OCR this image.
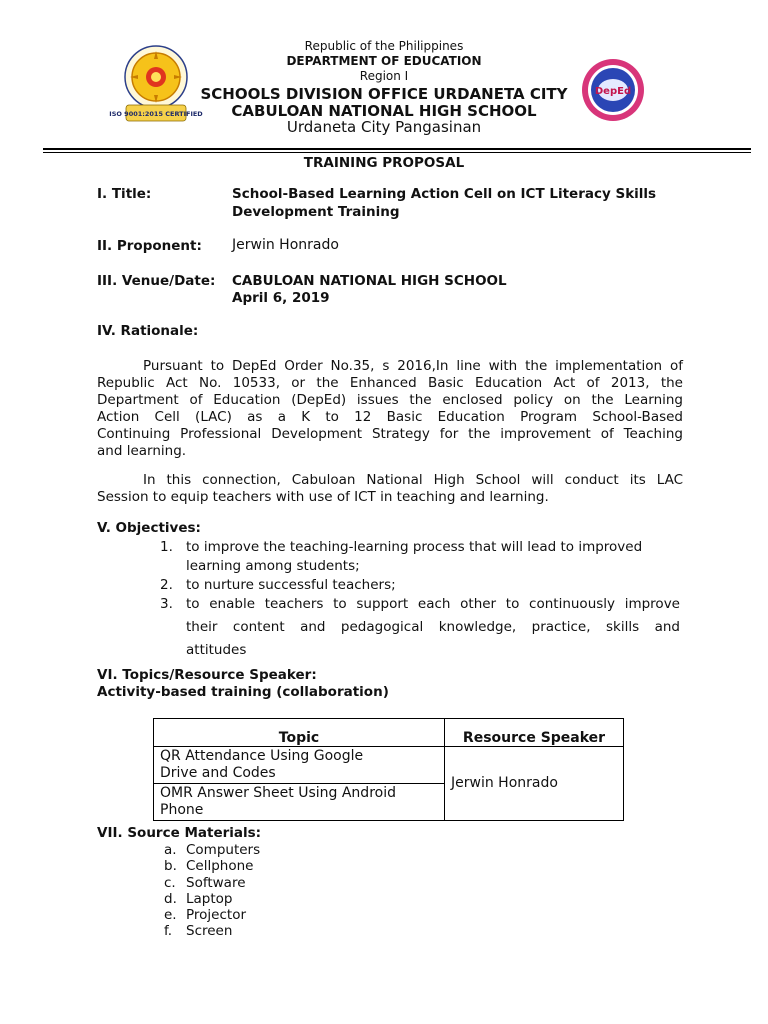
Republic of the Philippines
DEPARTMENT OF EDUCATION
Region I
SCHOOLS DIVISION OFFICE URDANETA CITY
CABULOAN NATIONAL HIGH SCHOOL
Urdaneta City Pangasinan
ISO 9001:2015 CERTIFIED
DepEd
TRAINING PROPOSAL
I. Title:	School-Based Learning Action Cell on ICT Literacy Skills
Development Training
II. Proponent: Jerwin Honrado
III. Venue/Date: CABULOAN NATIONAL HIGH SCHOOL
April 6, 2019
IV. Rationale:
Pursuant to DepEd Order No.35, s 2016,In line with the implementation of
Republic Act No. 10533, or the Enhanced Basic Education Act of 2013, the
Department of Education (DepEd) issues the enclosed policy on the Learning
Action Cell (LAC) as a K to 12 Basic Education Program School-Based
Continuing Professional Development Strategy for the improvement of Teaching
and learning.
In this connection, Cabuloan National High School will conduct its LAC
Session to equip teachers with use of ICT in teaching and learning.
V. Objectives:
1. to improve the teaching-learning process that will lead to improved
learning among students;
2. to nurture successful teachers;
3. to enable teachers to support each other to continuously improve
their content and pedagogical knowledge, practice, skills and
attitudes
VI. Topics/Resource Speaker:
Activity-based training (collaboration)
Topic	Resource Speaker

QR Attendance Using Google
Drive and Codes	Jerwin Honrado

OMR Answer Sheet Using Android
Phone	
VII. Source Materials:
a. Computers
b. Cellphone
c. Software
d. Laptop
e. Projector
f. Screen
